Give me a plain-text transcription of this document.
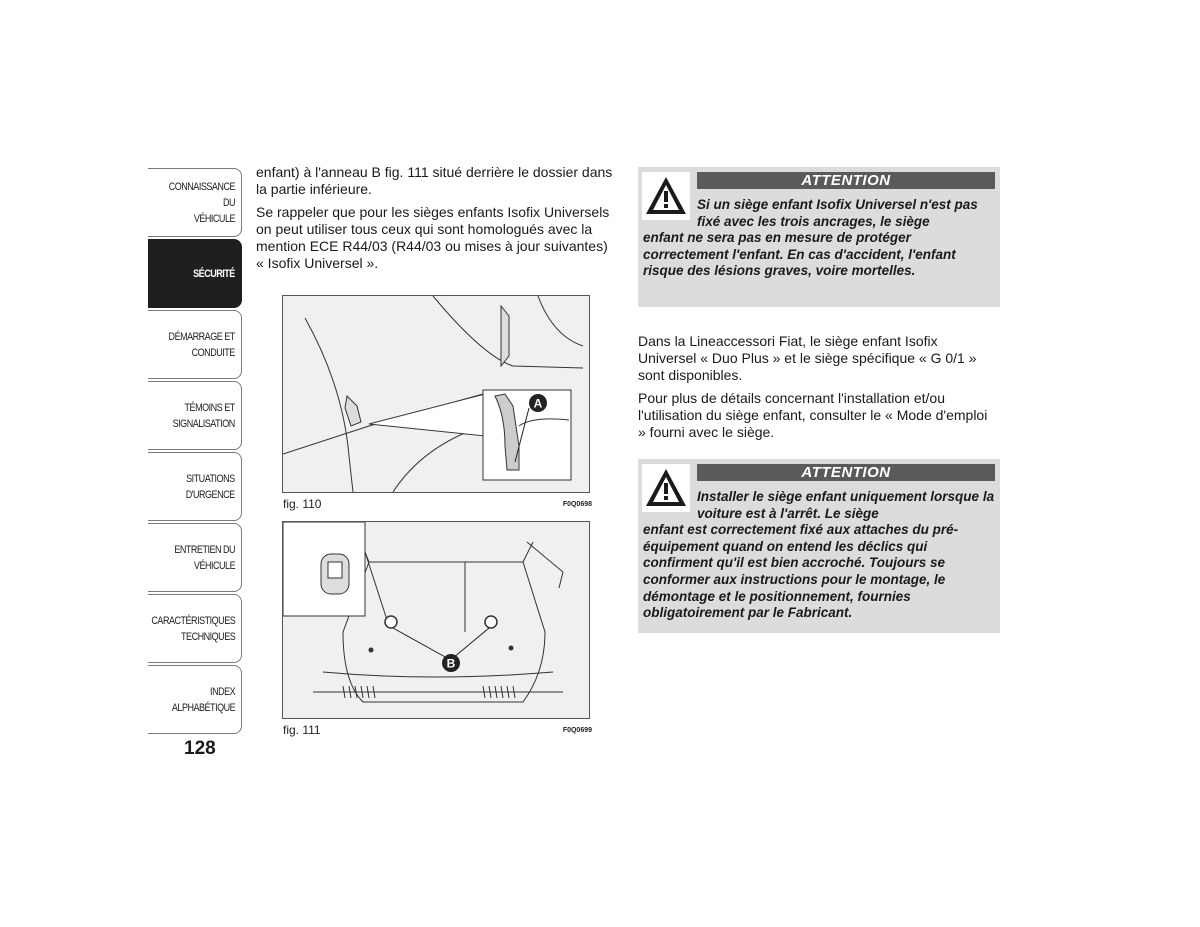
CONNAISSANCE DU
VÉHICULE
SÉCURITÉ
DÉMARRAGE ET
CONDUITE
TÉMOINS ET
SIGNALISATION
SITUATIONS
D'URGENCE
ENTRETIEN DU
VÉHICULE
CARACTÉRISTIQUES
TECHNIQUES
INDEX
ALPHABÉTIQUE
128

enfant) à l'anneau B fig. 111 situé derrière le dossier dans la partie inférieure.

Se rappeler que pour les sièges enfants Isofix Universels on peut utiliser tous ceux qui sont homologués avec la mention ECE R44/03 (R44/03 ou mises à jour suivantes) « Isofix Universel ».

A
fig. 110	F0Q0698
B
fig. 111	F0Q0699
ATTENTION
Si un siège enfant Isofix Universel n'est pas fixé avec les trois ancrages, le siège
enfant ne sera pas en mesure de protéger correctement l'enfant. En cas d'accident, l'enfant risque des lésions graves, voire mortelles.

Dans la Lineaccessori Fiat, le siège enfant Isofix Universel « Duo Plus » et le siège spécifique « G 0/1 » sont disponibles.

Pour plus de détails concernant l'installation et/ou l'utilisation du siège enfant, consulter le « Mode d'emploi » fourni avec le siège.

ATTENTION
Installer le siège enfant uniquement lorsque la voiture est à l'arrêt. Le siège
enfant est correctement fixé aux attaches du pré-équipement quand on entend les déclics qui confirment qu'il est bien accroché. Toujours se conformer aux instructions pour le montage, le démontage et le positionnement, fournies obligatoirement par le Fabricant.
